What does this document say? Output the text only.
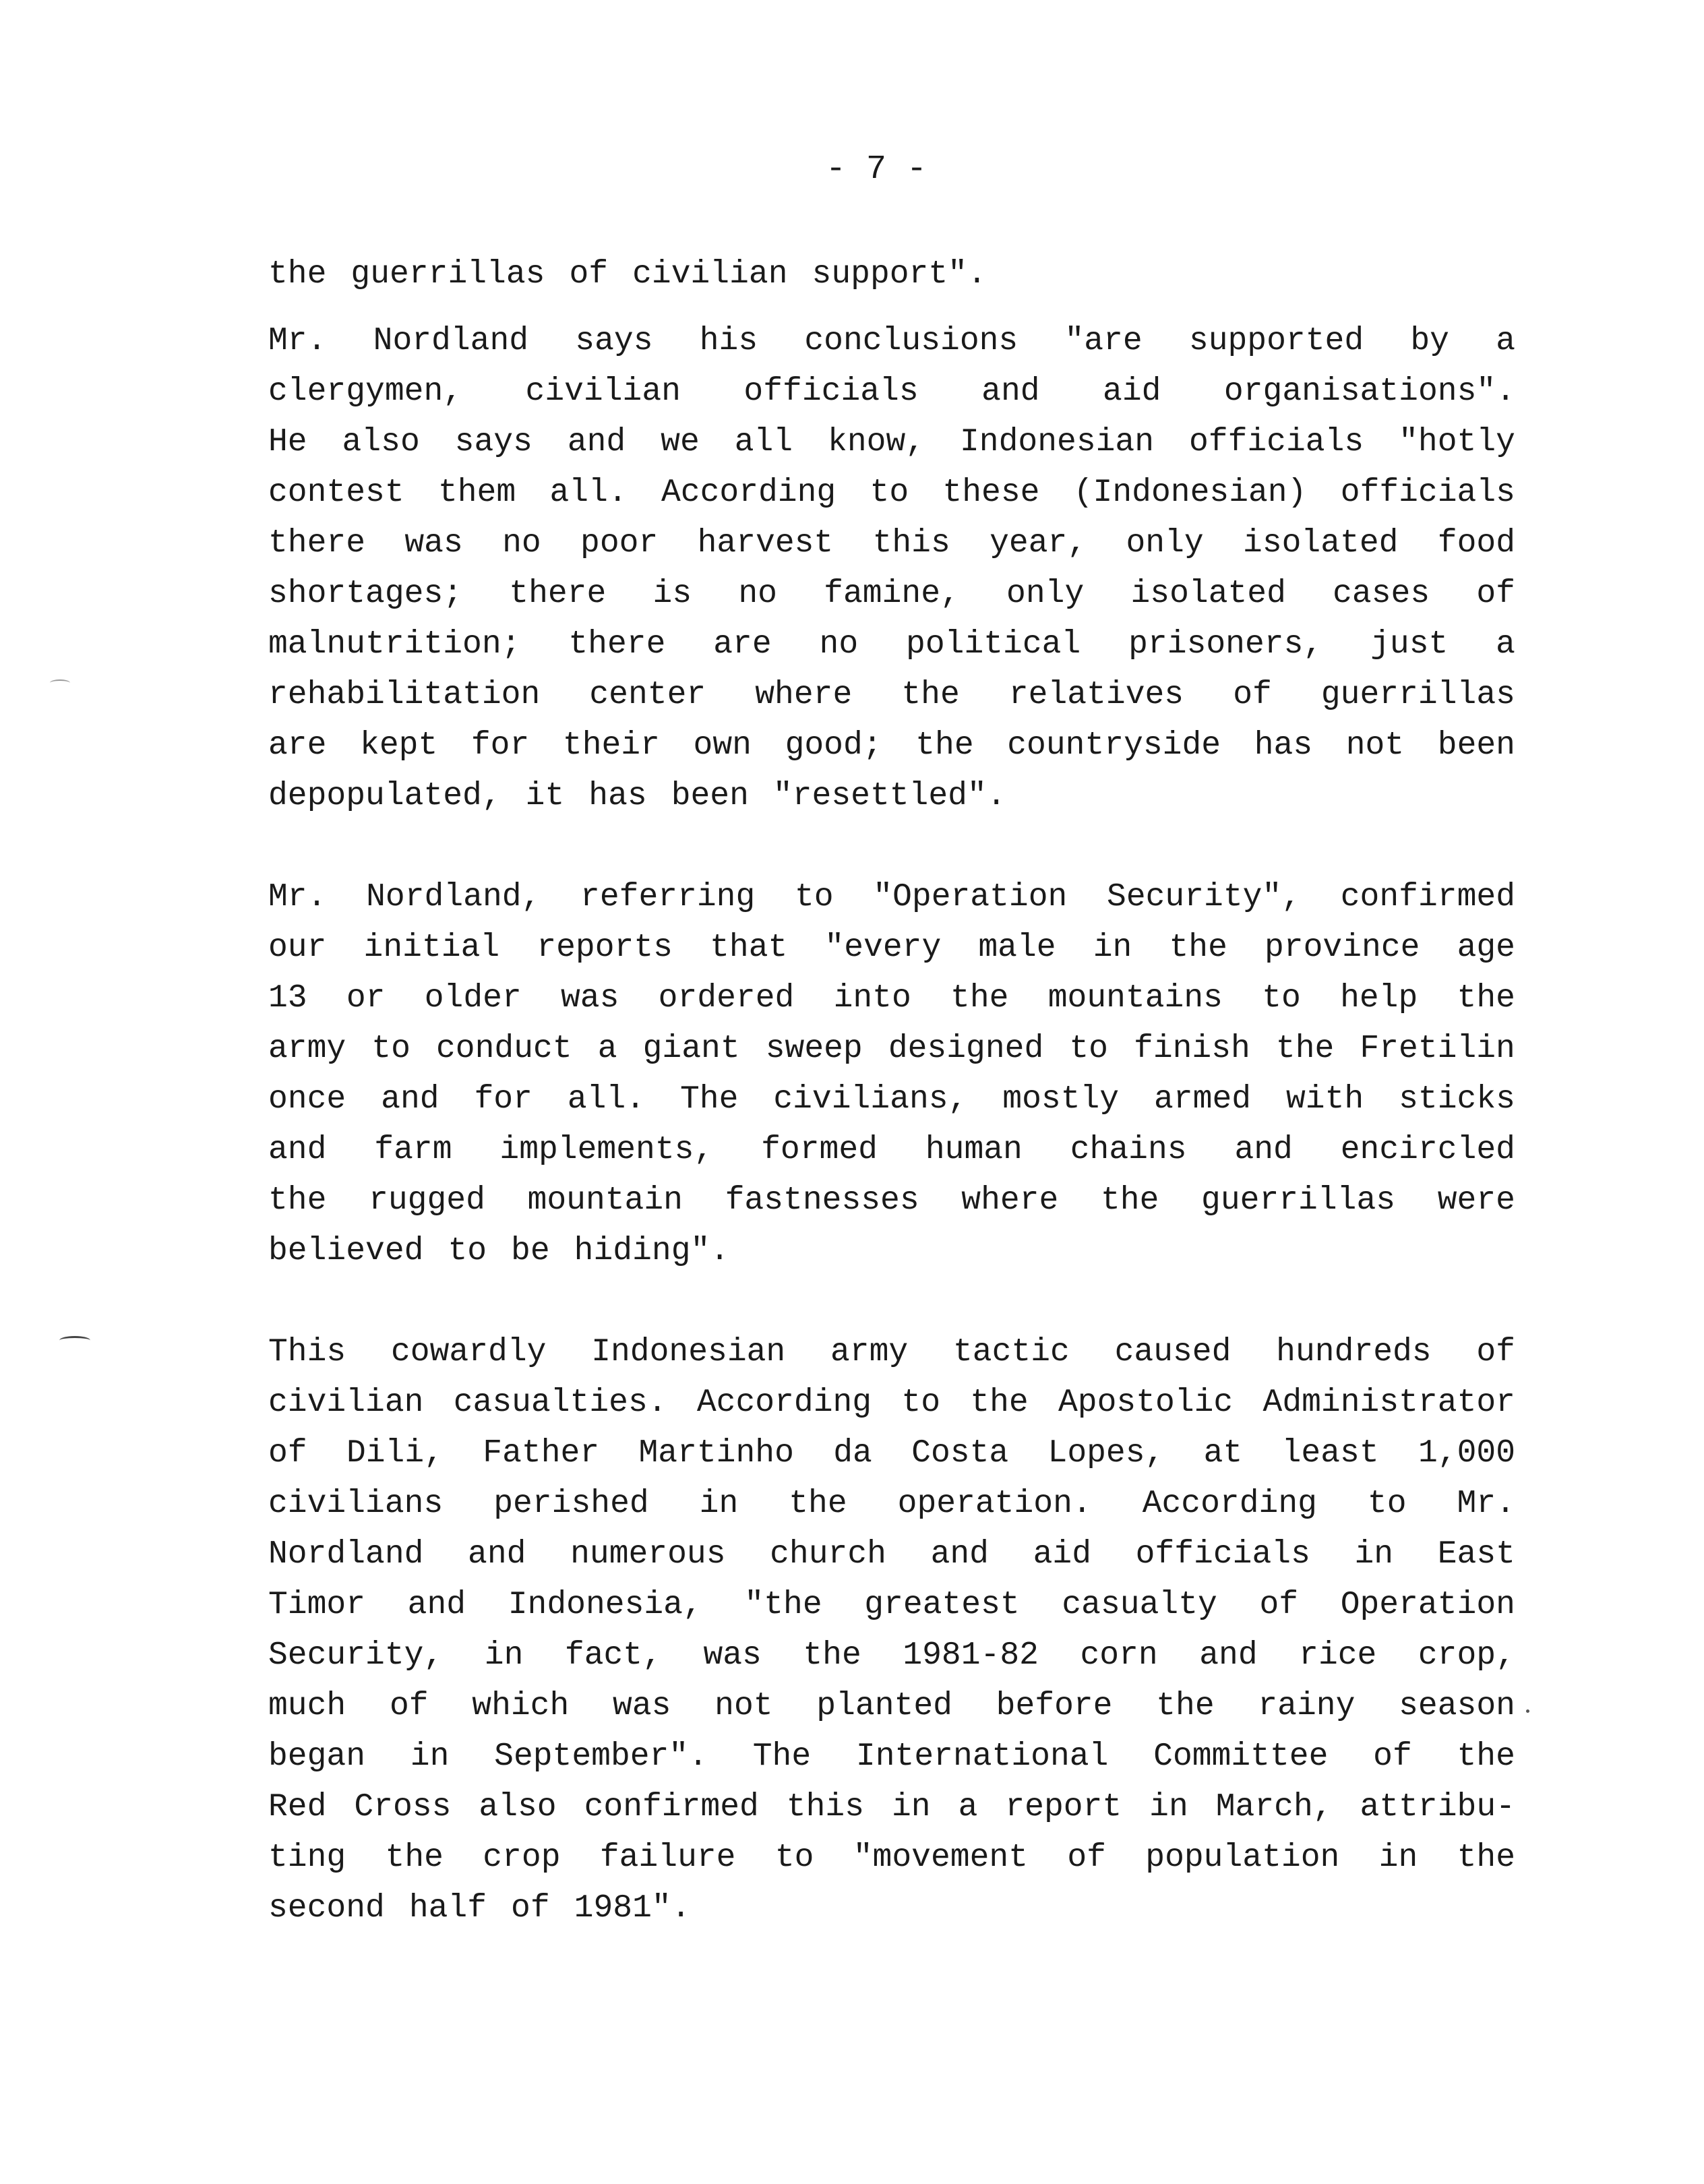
- 7 -
the guerrillas of civilian support".
Mr. Nordland says his conclusions "are supported by a
clergymen, civilian officials and aid organisations".
He also says and we all know, Indonesian officials "hotly
contest them all. According to these (Indonesian) officials
there was no poor harvest this year, only isolated food
shortages; there is no famine, only isolated cases of
malnutrition; there are no political prisoners, just a
rehabilitation center where the relatives of guerrillas
are kept for their own good; the countryside has not been
depopulated, it has been "resettled".
Mr. Nordland, referring to "Operation Security", confirmed
our initial reports that "every male in the province age
13 or older was ordered into the mountains to help the
army to conduct a giant sweep designed to finish the Fretilin
once and for all. The civilians, mostly armed with sticks
and farm implements, formed human chains and encircled
the rugged mountain fastnesses where the guerrillas were
believed to be hiding".
This cowardly Indonesian army tactic caused hundreds of
civilian casualties. According to the Apostolic Administrator
of Dili, Father Martinho da Costa Lopes, at least 1,000
civilians perished in the operation. According to Mr.
Nordland and numerous church and aid officials in East
Timor and Indonesia, "the greatest casualty of Operation
Security, in fact, was the 1981-82 corn and rice crop,
much of which was not planted before the rainy season
began in September". The International Committee of the
Red Cross also confirmed this in a report in March, attribu-
ting the crop failure to "movement of population in the
second half of 1981".
